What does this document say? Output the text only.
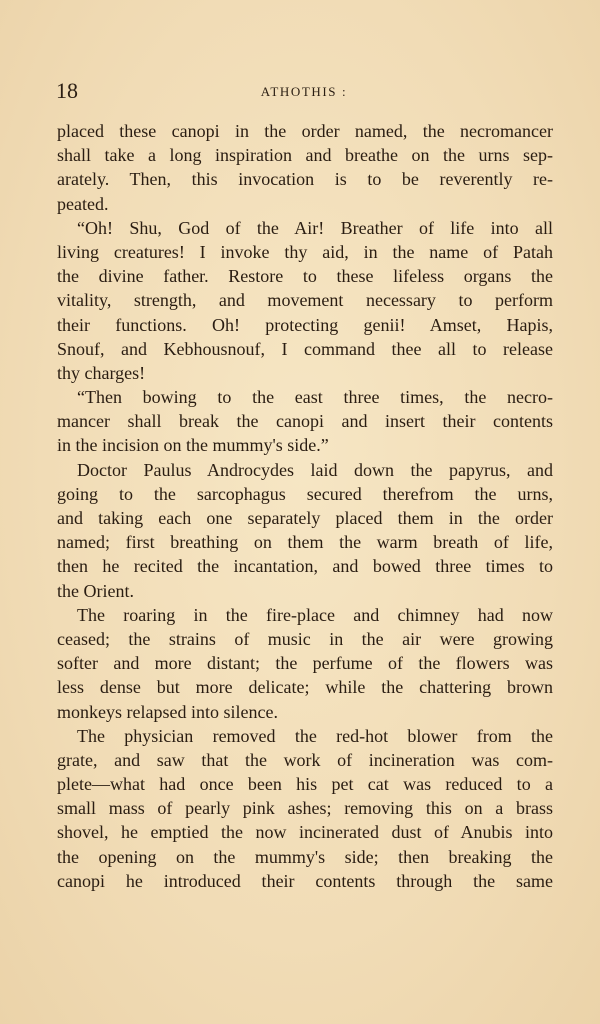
18	ATHOTHIS :
placed these canopi in the order named, the necromancer
shall take a long inspiration and breathe on the urns sep-
arately. Then, this invocation is to be reverently re-
peated.
“Oh! Shu, God of the Air! Breather of life into all
living creatures! I invoke thy aid, in the name of Patah
the divine father. Restore to these lifeless organs the
vitality, strength, and movement necessary to perform
their functions. Oh! protecting genii! Amset, Hapis,
Snouf, and Kebhousnouf, I command thee all to release
thy charges!
“Then bowing to the east three times, the necro-
mancer shall break the canopi and insert their contents
in the incision on the mummy's side.”
Doctor Paulus Androcydes laid down the papyrus, and
going to the sarcophagus secured therefrom the urns,
and taking each one separately placed them in the order
named; first breathing on them the warm breath of life,
then he recited the incantation, and bowed three times to
the Orient.
The roaring in the fire-place and chimney had now
ceased; the strains of music in the air were growing
softer and more distant; the perfume of the flowers was
less dense but more delicate; while the chattering brown
monkeys relapsed into silence.
The physician removed the red-hot blower from the
grate, and saw that the work of incineration was com-
plete—what had once been his pet cat was reduced to a
small mass of pearly pink ashes; removing this on a brass
shovel, he emptied the now incinerated dust of Anubis into
the opening on the mummy's side; then breaking the
canopi he introduced their contents through the same
